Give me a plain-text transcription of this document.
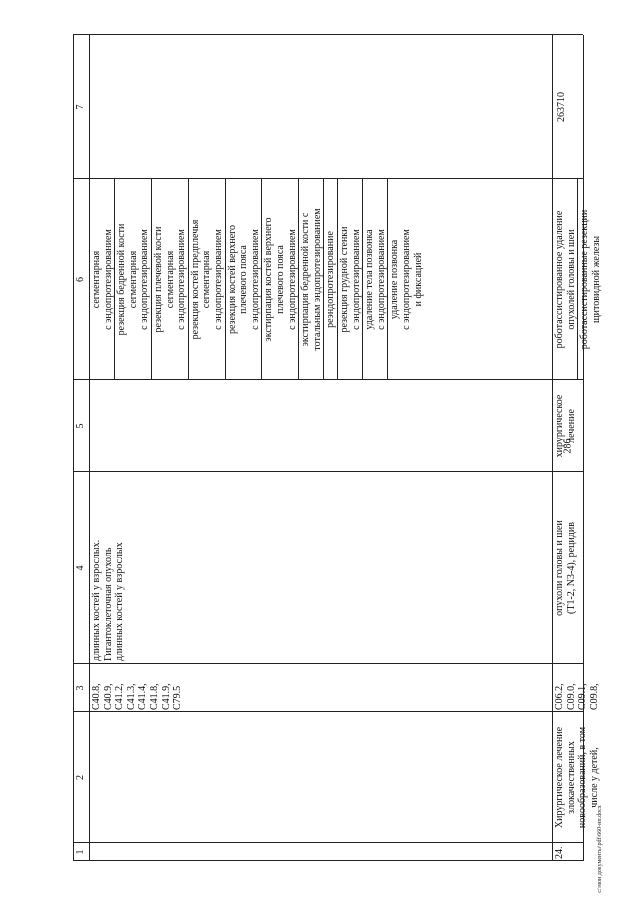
286
c:\мои документы\pdf\660-нп.docx
1
2
3
4
5
6
7
C40.8, C40.9, C41.2, C41.3, C41.4, C41.8, C41.9, C79.5
длинных костей у взрослых. Гигантоклеточная опухоль длинных костей у взрослых
сегментарная с эндопротезированием резекция бедренной кости сегментарная с эндопротезированием резекция плечевой кости сегментарная с эндопротезированием резекция костей предплечья сегментарная с эндопротезированием резекция костей верхнего плечевого пояса с эндопротезированием экстирпация костей верхнего плечевого пояса с эндопротезированием экстирпация бедренной кости с тотальным эндопротезированием реэндопротезирование резекция грудной стенки с эндопротезированием удаление тела позвонка с эндопротезированием удаление позвонка с эндопротезированием и фиксацией
24.
Хирургическое лечение злокачественных новообразований, в том числе у детей,
C06.2, C09.0, C09.1, C09.8,
опухоли головы и шеи (T1-2, N3-4), рецидив
хирургическое лечение
роботассистированное удаление опухолей головы и шеи роботассистированные резекции щитовидной железы
263710
